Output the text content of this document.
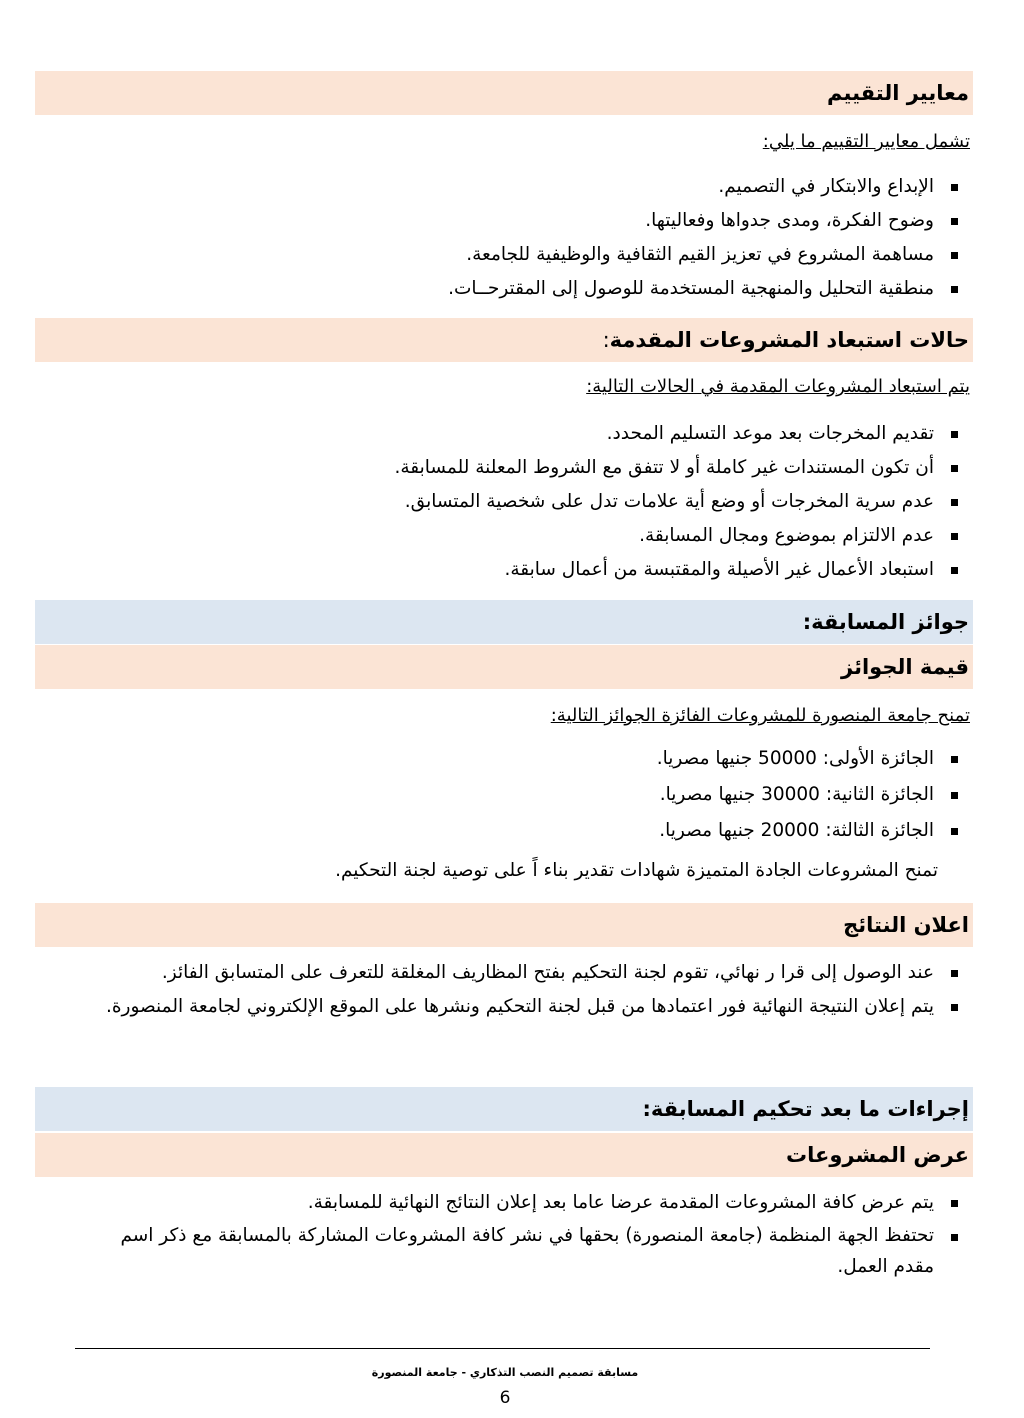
معايير التقييم
تشمل معايير التقييم ما يلي:
الإبداع والابتكار في التصميم.
وضوح الفكرة، ومدى جدواها وفعاليتها.
مساهمة المشروع في تعزيز القيم الثقافية والوظيفية للجامعة.
منطقية التحليل والمنهجية المستخدمة للوصول إلى المقترحــات.
حالات استبعاد المشروعات المقدمة
:
يتم استبعاد المشروعات المقدمة في الحالات التالية:
تقديم المخرجات بعد موعد التسليم المحدد.
أن تكون المستندات غير كاملة أو لا تتفق مع الشروط المعلنة للمسابقة.
عدم سرية المخرجات أو وضع أية علامات تدل على شخصية المتسابق.
عدم الالتزام بموضوع ومجال المسابقة.
استبعاد الأعمال غير الأصيلة والمقتبسة من أعمال سابقة.
جوائز المسابقة:
قيمة الجوائز
تمنح جامعة المنصورة للمشروعات الفائزة الجوائز التالية:
الجائزة الأولى: 50000 جنيها مصريا.
الجائزة الثانية: 30000 جنيها مصريا.
الجائزة الثالثة: 20000 جنيها مصريا.
تمنح المشروعات الجادة المتميزة شهادات تقدير بناء اً على توصية لجنة التحكيم.
اعلان النتائج
عند الوصول إلى قرا ر نهائي، تقوم لجنة التحكيم بفتح المظاريف المغلقة للتعرف على المتسابق الفائز.
يتم إعلان النتيجة النهائية فور اعتمادها من قبل لجنة التحكيم ونشرها على الموقع الإلكتروني لجامعة المنصورة.
إجراءات ما بعد تحكيم المسابقة:
عرض المشروعات
يتم عرض كافة المشروعات المقدمة عرضا عاما بعد إعلان النتائج النهائية للمسابقة.
تحتفظ الجهة المنظمة (جامعة المنصورة) بحقها في نشر كافة المشروعات المشاركة بالمسابقة مع ذكر اسم مقدم العمل.
مسابقة تصميم النصب التذكاري - جامعة المنصورة
6
